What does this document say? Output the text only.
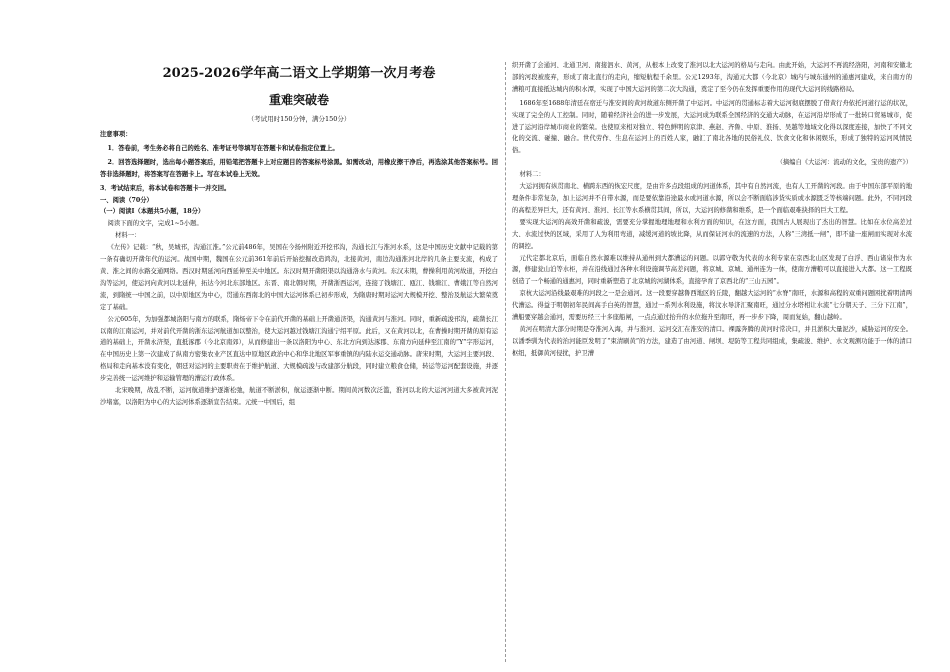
2025-2026学年高二语文上学期第一次月考卷
重难突破卷
（考试用时150分钟，满分150分）

注意事项：

1．答卷前，考生务必将自己的姓名、准考证号等填写在答题卡和试卷指定位置上。

2．回答选择题时，选出每小题答案后，用铅笔把答题卡上对应题目的答案标号涂黑。如需改动，用橡皮擦干净后，再选涂其他答案标号。回答非选择题时，将答案写在答题卡上。写在本试卷上无效。

3．考试结束后，将本试卷和答题卡一并交回。

一、阅读（70分）

（一）阅读Ⅰ（本题共5小题，18分）

阅读下面的文字，完成1~5小题。

材料一：

《左传》记载：“秋，吴城邗，沟通江淮。”公元前486年，吴国在今扬州附近开挖邗沟，沟通长江与淮河水系，这是中国历史文献中记载的第一条有确切开凿年代的运河。战国中期，魏国在公元前361年前后开始挖掘改造鸿沟，北接黄河，南边沟通淮河北岸的几条主要支流，构成了黄、淮之间的水路交通网络。西汉时期延河向西延伸至关中地区。东汉时期开凿阳渠以沟通洛水与黄河。东汉末期，曹操利用黄河故道，开挖白沟等运河，使运河向黄河以北延伸，拓达今河北东部地区。东晋、南北朝时期，开凿浙西运河，连接了钱塘江、瓯江、钱塘江、曹娥江等自然河流，到隋统一中国之前，以中原地区为中心，贯通东西南北的中国大运河体系已初步形成，为隋唐时期对运河大规模开挖、整治及航运大繁荣奠定了基础。

公元605年，为加强都城洛阳与南方的联系，隋炀帝下令在前代开凿的基础上开凿通济渠，沟通黄河与淮河。同时，重新疏浚邗沟，疏凿长江以南的江南运河，并对前代开凿的浙东运河航道加以整治，使大运河越过钱塘江沟通宁绍平原。此后，又在黄河以北，在曹操时期开凿的原有运道的基础上，开凿永济渠，直抵涿郡（今北京南郊），从而修建出一条以洛阳为中心、东北方向到达涿郡、东南方向延伸至江南的“Y”字形运河，在中国历史上第一次建成了纵南方密集农业产区直达中原地区政治中心和华北地区军事重镇的内陆水运交通动脉。唐宋时期，大运河主要河段、格局和走向基本没有变化，朝廷对运河的主要职责在于维护航道、大规模疏浚与改建部分航段，同时建立粮食仓储，转运等运河配套设施，并逐步完善统一运河维护和运输管理的漕运行政体系。

北宋晚期，战乱不断，运河航道维护逐渐松弛，航道不断淤积，航运逐渐中断。期间黄河数次泛滥，淮河以北的大运河河道大多被黄河泥沙堵塞，以洛阳为中心的大运河体系逐渐宣告结束。元统一中国后，组

织开凿了会通河、北通卫河、南接泗水、黄河，从根本上改变了淮河以北大运河的格局与走向。由此开始，大运河不再流经洛阳，河南和安徽北部的河段被废弃，形成了南北直行的走向，缩短航程千余里。公元1293年，沟通元大都（今北京）城内与城东通州的通惠河建成，来自南方的漕粮可直接抵达城内的积水潭，实现了中国大运河的第二次大沟通，奠定了至今仍在发挥重要作用的现代大运河的线路格局。

1686年至1688年清廷在宿迁与淮安间的黄河故道东侧开凿了中运河。中运河的贯通标志着大运河彻底摆脱了借黄行舟依托河道行运的状况，实现了完全的人工控制。同时，随着经济社会的进一步发展，大运河成为联系全国经济的交通大动脉，在运河沿岸形成了一批转口贸易城市，促进了运河沿岸城市商业的繁荣。也使原来相对独立、特色鲜明的京津、燕赵、齐鲁、中原、淮扬、吴越等地域文化得以深度连接，加快了不同文化的交流、碰撞、融合。世代劳作、生息在运河上的百姓人家，融汇了南北各地的民俗礼仪、饮食文化和休闲娱乐，形成了独特的运河风情民俗。

（摘编自《大运河：流动的文化，宝贵的遗产》）

材料二：

大运河拥有纵贯南北、横跨东西的恢宏尺度，是由许多点段组成的河道体系，其中有自然河流，也有人工开凿的河段。由于中国东部平原的地理条件非常复杂，加上运河并不自带水源，而是要依靠沿途最水或河道水源，所以会不断面临涉货实质或水源匮乏等核端问题。此外，不同河段的高程差异巨大，还有黄河、淮河、长江等水系横贯其间，所以，大运河的修凿和维系，是一个面临艰难抉择的巨大工程。

要实现大运河的高效开凿和疏浚，需要充分掌握地理地理和水利方面的知识，在这方面，我国古人展现出了杰出的智慧。比如在水位高差过大、水流过快的区域，采用了人为利用弯道，减缓河道的坡比降，从而保证河水的流速的方法，人称“三湾抵一闸”，即不建一座闸而实现对水流的调控。

元代定都北京后，面临自然水源难以维持从通州到大都漕运的问题。以郭守敬为代表的水利专家在京西北山区发现了白浮、西山诸泉作为水源，修建瓮山泊等水柜，并在沿线通过各种水利设施调节高差问题，将京城、京城、通州连为一体，使南方漕粮可以直接进入大都。这一工程既创造了一个畅通的通惠河，同时重新塑造了北京城的河湖体系，直接孕育了京西北的“三山五园”。

京杭大运河沿线最艰难的河段之一是会通河。这一段要穿越鲁西地区的丘陵，翻越大运河的“水脊”南旺，水源和高程的双重问题困扰着明清两代漕运。得益于明朝初年民间高手白英的智慧，通过一系列水利设施，将汶水导济汇聚南旺，通过分水塔相让水流“七分朝天子、三分下江南”，漕船要穿越会通河，需要历经三十多座船闸，一点点通过抬升的水位拖升至南旺，再一步步下降，周而复始，翻山越岭。

黄河在明清大部分时期是夺淮河入海，并与淮河、运河交汇在淮安的清口。裸露奔腾的黄河时常决口，并且淤积大量泥沙，威胁运河的安全。以潘季驯为代表的治河能臣发明了“束清刷黄”的方法，建造了由河道、闸坝、堤防等工程共同组成，集疏浚、维护、水文观测功能于一体的清口枢纽，抵御黄河侵扰，护卫漕
